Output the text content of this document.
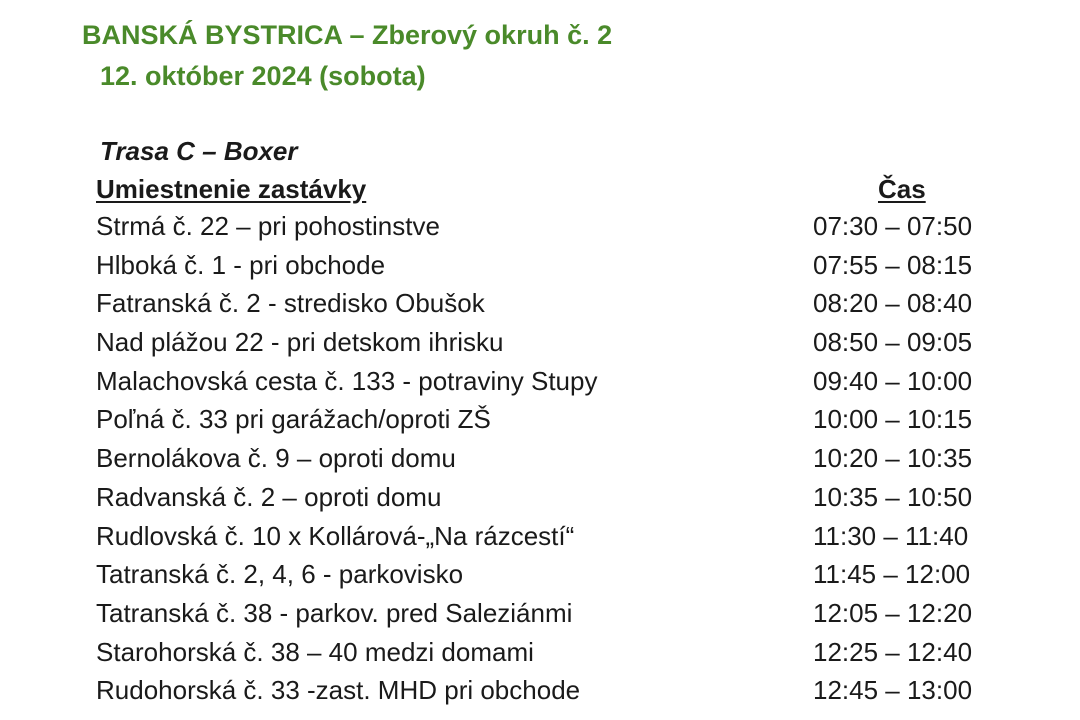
BANSKÁ BYSTRICA – Zberový okruh č. 2
12. október 2024 (sobota)
Trasa C – Boxer
Umiestnenie zastávky	Čas
Strmá č. 22 – pri pohostinstve	07:30 – 07:50
Hlboká č. 1 - pri obchode	07:55 – 08:15
Fatranská č. 2 - stredisko Obušok	08:20 – 08:40
Nad plážou 22 - pri detskom ihrisku	08:50 – 09:05
Malachovská cesta č. 133 - potraviny Stupy	09:40 – 10:00
Poľná č. 33 pri garážach/oproti ZŠ	10:00 – 10:15
Bernolákova č. 9 – oproti domu	10:20 – 10:35
Radvanská č. 2 – oproti domu	10:35 – 10:50
Rudlovská č. 10 x Kollárová-„Na rázcestí“	11:30 – 11:40
Tatranská č. 2, 4, 6 - parkovisko	11:45 – 12:00
Tatranská č. 38 - parkov. pred Saleziánmi	12:05 – 12:20
Starohorská č. 38 – 40 medzi domami	12:25 – 12:40
Rudohorská č. 33 -zast. MHD pri obchode	12:45 – 13:00
